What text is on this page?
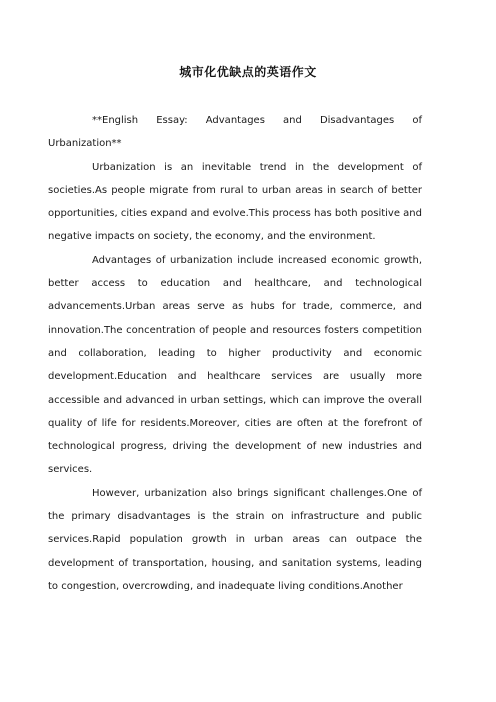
城市化优缺点的英语作文

**English Essay: Advantages and Disadvantages of Urbanization**

Urbanization is an inevitable trend in the development of societies.As people migrate from rural to urban areas in search of better opportunities, cities expand and evolve.This process has both positive and negative impacts on society, the economy, and the environment.

Advantages of urbanization include increased economic growth, better access to education and healthcare, and technological advancements.Urban areas serve as hubs for trade, commerce, and innovation.The concentration of people and resources fosters competition and collaboration, leading to higher productivity and economic development.Education and healthcare services are usually more accessible and advanced in urban settings, which can improve the overall quality of life for residents.Moreover, cities are often at the forefront of technological progress, driving the development of new industries and services.

However, urbanization also brings significant challenges.One of the primary disadvantages is the strain on infrastructure and public services.Rapid population growth in urban areas can outpace the development of transportation, housing, and sanitation systems, leading to congestion, overcrowding, and inadequate living conditions.Another
